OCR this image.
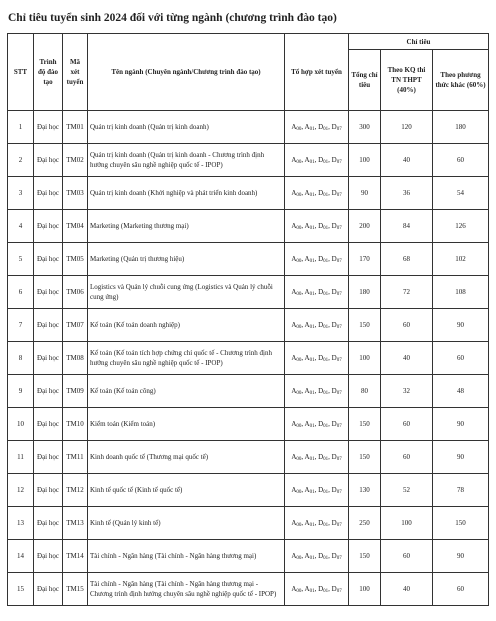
Chỉ tiêu tuyển sinh 2024 đối với từng ngành (chương trình đào tạo)
STT	Trình độ đào tạo	Mã xét tuyển	Tên ngành (Chuyên ngành/Chương trình đào tạo)	Tổ hợp xét tuyển	Chỉ tiêu		
					Tổng chỉ tiêu	Theo KQ thi TN THPT (40%)	Theo phương thức khác (60%)
1	Đại học	TM01	Quản trị kinh doanh (Quản trị kinh doanh)	$A_{00}$, $A_{01}$, $D_{01}$, $D_{07}$	300	120	180
2	Đại học	TM02	Quản trị kinh doanh (Quản trị kinh doanh - Chương trình định hướng chuyên sâu nghề nghiệp quốc tế - IPOP)	$A_{00}$, $A_{01}$, $D_{01}$, $D_{07}$	100	40	60
3	Đại học	TM03	Quản trị kinh doanh (Khởi nghiệp và phát triển kinh doanh)	$A_{00}$, $A_{01}$, $D_{01}$, $D_{07}$	90	36	54
4	Đại học	TM04	Marketing (Marketing thương mại)	$A_{00}$, $A_{01}$, $D_{01}$, $D_{07}$	200	84	126
5	Đại học	TM05	Marketing (Quản trị thương hiệu)	$A_{00}$, $A_{01}$, $D_{01}$, $D_{07}$	170	68	102
6	Đại học	TM06	Logistics và Quản lý chuỗi cung ứng (Logistics và Quản lý chuỗi cung ứng)	$A_{00}$, $A_{01}$, $D_{01}$, $D_{07}$	180	72	108
7	Đại học	TM07	Kế toán (Kế toán doanh nghiệp)	$A_{00}$, $A_{01}$, $D_{01}$, $D_{07}$	150	60	90
8	Đại học	TM08	Kế toán (Kế toán tích hợp chứng chỉ quốc tế - Chương trình định hướng chuyên sâu nghề nghiệp quốc tế - IPOP)	$A_{00}$, $A_{01}$, $D_{01}$, $D_{07}$	100	40	60
9	Đại học	TM09	Kế toán (Kế toán công)	$A_{00}$, $A_{01}$, $D_{01}$, $D_{07}$	80	32	48
10	Đại học	TM10	Kiểm toán (Kiểm toán)	$A_{00}$, $A_{01}$, $D_{01}$, $D_{07}$	150	60	90
11	Đại học	TM11	Kinh doanh quốc tế (Thương mại quốc tế)	$A_{00}$, $A_{01}$, $D_{01}$, $D_{07}$	150	60	90
12	Đại học	TM12	Kinh tế quốc tế (Kinh tế quốc tế)	$A_{00}$, $A_{01}$, $D_{01}$, $D_{07}$	130	52	78
13	Đại học	TM13	Kinh tế (Quản lý kinh tế)	$A_{00}$, $A_{01}$, $D_{01}$, $D_{07}$	250	100	150
14	Đại học	TM14	Tài chính - Ngân hàng (Tài chính - Ngân hàng thương mại)	$A_{00}$, $A_{01}$, $D_{01}$, $D_{07}$	150	60	90
15	Đại học	TM15	Tài chính - Ngân hàng (Tài chính - Ngân hàng thương mại - Chương trình định hướng chuyên sâu nghề nghiệp quốc tế - IPOP)	$A_{00}$, $A_{01}$, $D_{01}$, $D_{07}$	100	40	60
